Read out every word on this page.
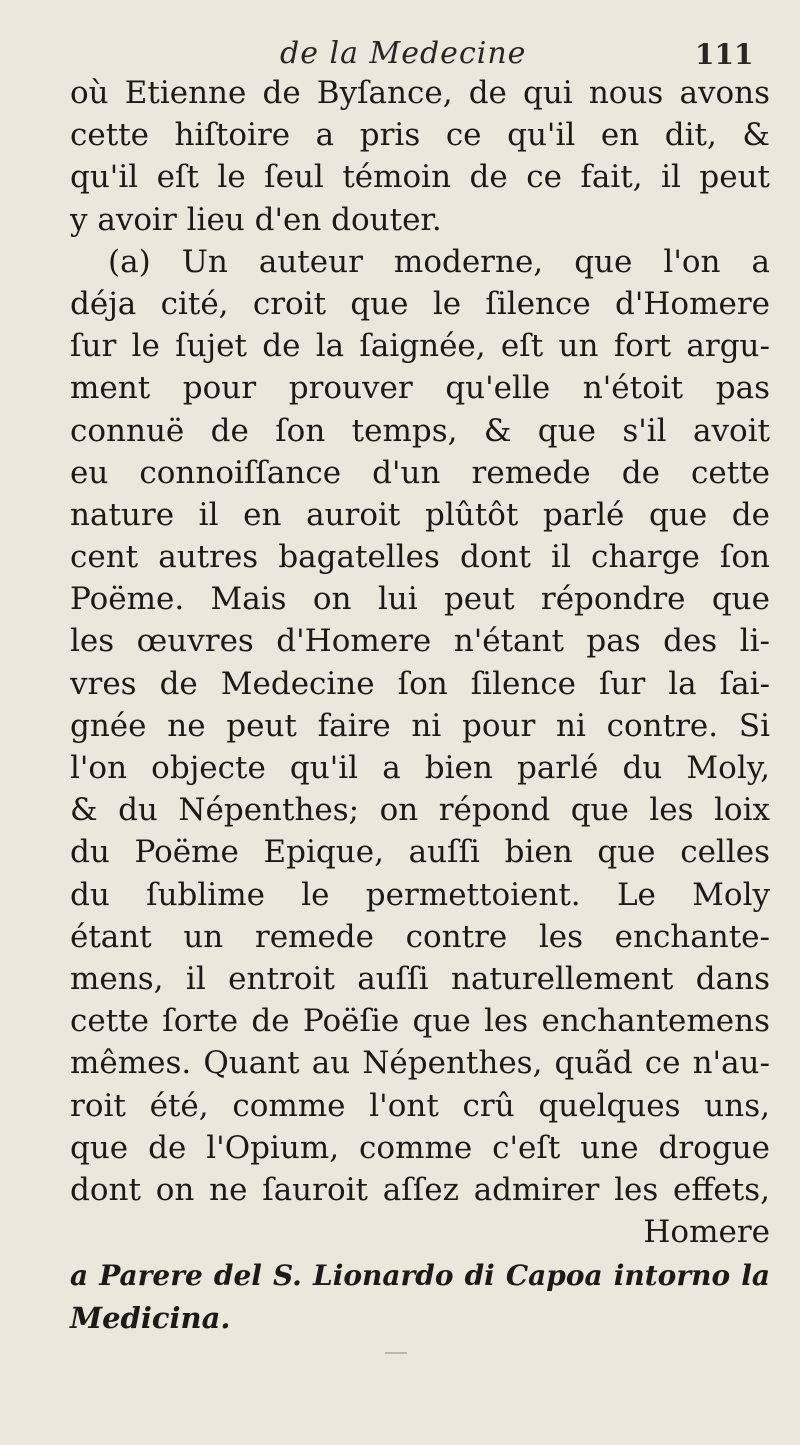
de la Medecine	111
où Etienne de Byſance, de qui nous avons
cette hiſtoire a pris ce qu'il en dit, &
qu'il eſt le ſeul témoin de ce fait, il peut
y avoir lieu d'en douter.
(a) Un auteur moderne, que l'on a
déja cité, croit que le ſilence d'Homere
ſur le ſujet de la ſaignée, eſt un fort argu-
ment pour prouver qu'elle n'étoit pas
connuë de ſon temps, & que s'il avoit
eu connoiſſance d'un remede de cette
nature il en auroit plûtôt parlé que de
cent autres bagatelles dont il charge ſon
Poëme. Mais on lui peut répondre que
les œuvres d'Homere n'étant pas des li-
vres de Medecine ſon ſilence ſur la ſai-
gnée ne peut faire ni pour ni contre. Si
l'on objecte qu'il a bien parlé du Moly,
& du Népenthes; on répond que les loix
du Poëme Epique, auſſi bien que celles
du ſublime le permettoient. Le Moly
étant un remede contre les enchante-
mens, il entroit auſſi naturellement dans
cette ſorte de Poëſie que les enchantemens
mêmes. Quant au Népenthes, quãd ce n'au-
roit été, comme l'ont crû quelques uns,
que de l'Opium, comme c'eſt une drogue
dont on ne ſauroit aſſez admirer les effets,
Homere
a Parere del S. Lionardo di Capoa intorno la
Medicina.
